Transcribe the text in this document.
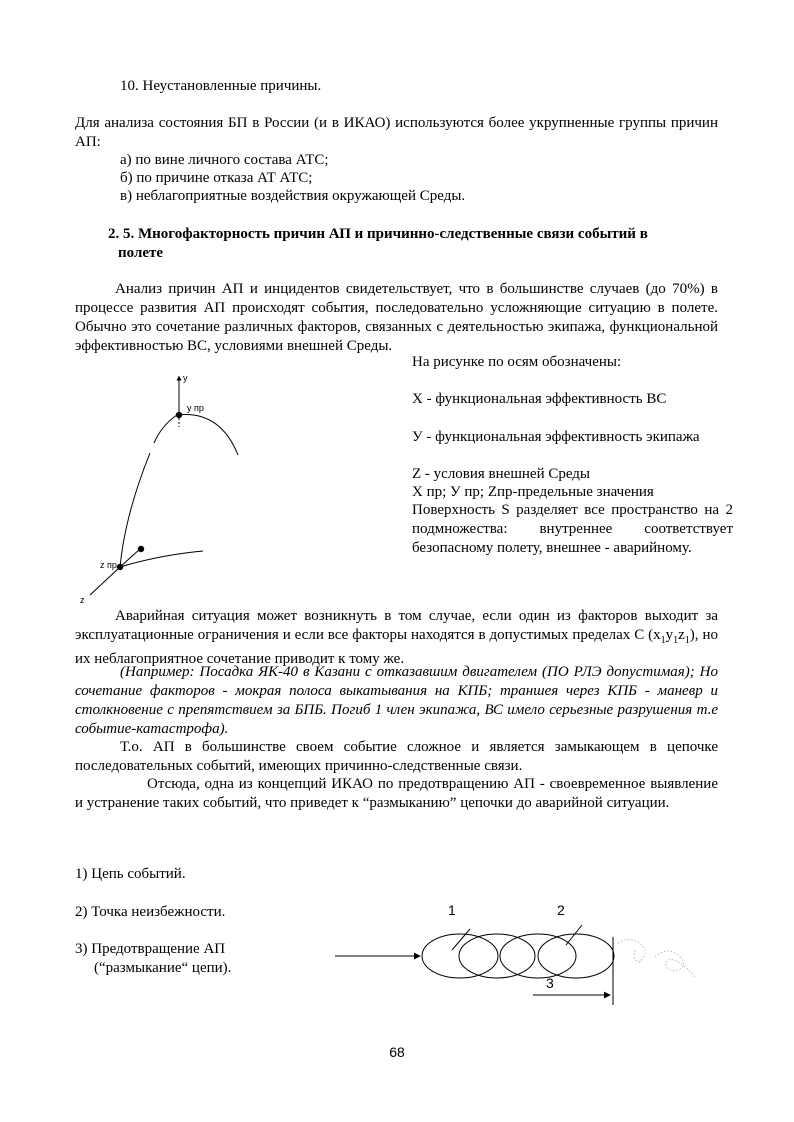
10. Неустановленные причины.
Для анализа состояния БП в России (и в ИКАО) используются более укрупненные группы причин АП:
а) по вине личного состава АТС;
б) по причине отказа АТ АТС;
в) неблагоприятные воздействия окружающей Среды.
2. 5. Многофакторность причин АП и причинно-следственные связи событий в
полете
Анализ причин АП и инцидентов свидетельствует, что в большинстве случаев (до 70%) в процессе развития АП происходят события, последовательно усложняющие ситуацию в полете. Обычно это сочетание различных факторов, связанных с деятельностью экипажа, функциональной эффективностью ВС, условиями внешней Среды.
y
y пр
z пр
z
На рисунке по осям обозначены:
Х - функциональная эффективность ВС
У - функциональная эффективность экипажа
Z - условия внешней Среды
Х пр; У пр; Zпр-предельные значения
Поверхность S разделяет все пространство на 2 подмножества: внутреннее соответствует безопасному полету, внешнее - аварийному.
Аварийная ситуация может возникнуть в том случае, если один из факторов выходит за эксплуатационные ограничения и если все факторы находятся в допустимых пределах С $(x_1y_1z_1)$, но их неблагоприятное сочетание приводит к тому же.
(Например: Посадка ЯК-40 в Казани с отказавшим двигателем (ПО РЛЭ допустимая); Но сочетание факторов - мокрая полоса выкатывания на КПБ; траншея через КПБ - маневр и столкновение с препятствием за БПБ. Погиб 1 член экипажа, ВС имело серьезные разрушения т.е событие-катастрофа).
Т.о. АП в большинстве своем событие сложное и является замыкающем в цепочке последовательных событий, имеющих причинно-следственные связи.
Отсюда, одна из концепций ИКАО по предотвращению АП - своевременное выявление и устранение таких событий, что приведет к “размыканию” цепочки до аварийной ситуации.
1) Цепь событий.
2) Точка неизбежности.
3) Предотвращение АП
(“размыкание“ цепи).
1	2
3
68
